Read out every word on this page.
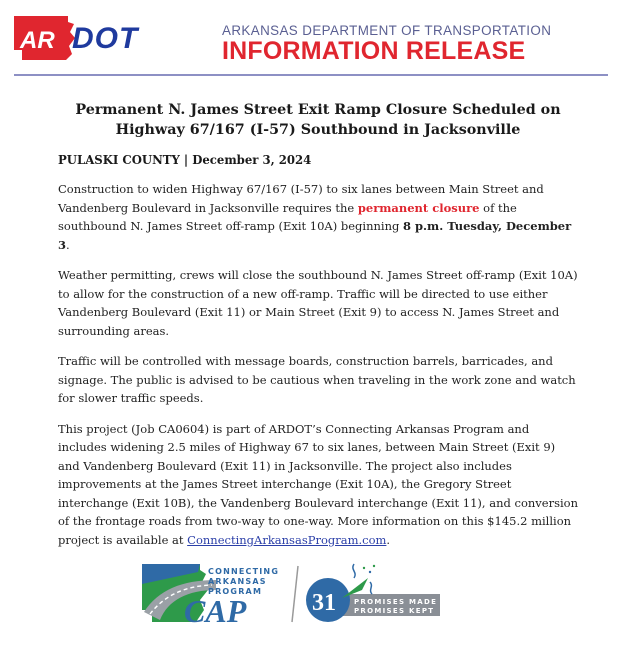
AR DOT	ARKANSAS DEPARTMENT OF TRANSPORTATION
INFORMATION RELEASE
Permanent N. James Street Exit Ramp Closure Scheduled on Highway 67/167 (I-57) Southbound in Jacksonville
PULASKI COUNTY | December 3, 2024

Construction to widen Highway 67/167 (I-57) to six lanes between Main Street and Vandenberg Boulevard in Jacksonville requires the permanent closure of the southbound N. James Street off-ramp (Exit 10A) beginning 8 p.m. Tuesday, December 3.

Weather permitting, crews will close the southbound N. James Street off-ramp (Exit 10A) to allow for the construction of a new off-ramp. Traffic will be directed to use either Vandenberg Boulevard (Exit 11) or Main Street (Exit 9) to access N. James Street and surrounding areas.

Traffic will be controlled with message boards, construction barrels, barricades, and signage. The public is advised to be cautious when traveling in the work zone and watch for slower traffic speeds.

This project (Job CA0604) is part of ARDOT’s Connecting Arkansas Program and includes widening 2.5 miles of Highway 67 to six lanes, between Main Street (Exit 9) and Vandenberg Boulevard (Exit 11) in Jacksonville. The project also includes improvements at the James Street interchange (Exit 10A), the Gregory Street interchange (Exit 10B), the Vandenberg Boulevard interchange (Exit 11), and conversion of the frontage roads from two-way to one-way. More information on this $145.2 million project is available at ConnectingArkansasProgram.com.

CONNECTING
ARKANSAS
PROGRAM
CAP	31	PROMISES MADE
PROMISES KEPT
